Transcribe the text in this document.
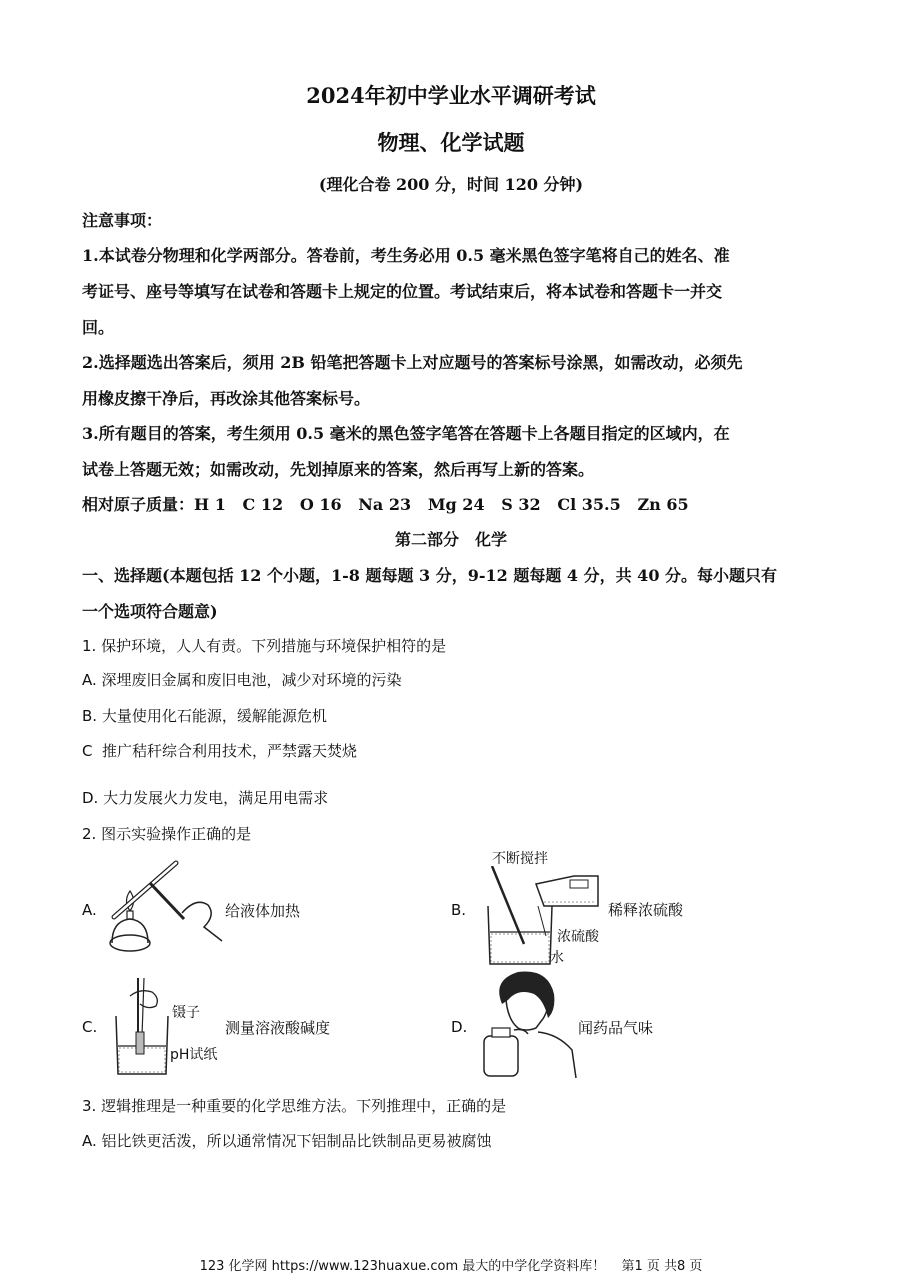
2024年初中学业水平调研考试
物理、化学试题
(理化合卷 200 分，时间 120 分钟)
注意事项：
1.本试卷分物理和化学两部分。答卷前，考生务必用 0.5 毫米黑色签字笔将自己的姓名、准
考证号、座号等填写在试卷和答题卡上规定的位置。考试结束后，将本试卷和答题卡一并交
回。
2.选择题选出答案后，须用 2B 铅笔把答题卡上对应题号的答案标号涂黑，如需改动，必须先
用橡皮擦干净后，再改涂其他答案标号。
3.所有题目的答案，考生须用 0.5 毫米的黑色签字笔答在答题卡上各题目指定的区域内，在
试卷上答题无效；如需改动，先划掉原来的答案，然后再写上新的答案。
相对原子质量：H 1   C 12   O 16   Na 23   Mg 24   S 32   Cl 35.5   Zn 65
第二部分　化学
一、选择题(本题包括 12 个小题，1-8 题每题 3 分，9-12 题每题 4 分，共 40 分。每小题只有
一个选项符合题意)
1. 保护环境，人人有责。下列措施与环境保护相符的是
A. 深埋废旧金属和废旧电池，减少对环境的污染
B. 大量使用化石能源，缓解能源危机
C  推广秸秆综合利用技术，严禁露天焚烧
D. 大力发展火力发电，满足用电需求
2. 图示实验操作正确的是
A.	给液体加热	B.
不断搅拌
稀释浓硫酸
浓硫酸
水
C.
镊子
测量溶液酸碱度
pH试纸
D.	闻药品气味
3. 逻辑推理是一种重要的化学思维方法。下列推理中，正确的是
A. 铝比铁更活泼，所以通常情况下铝制品比铁制品更易被腐蚀
123 化学网 https://www.123huaxue.com 最大的中学化学资料库！ 第1 页 共8 页
